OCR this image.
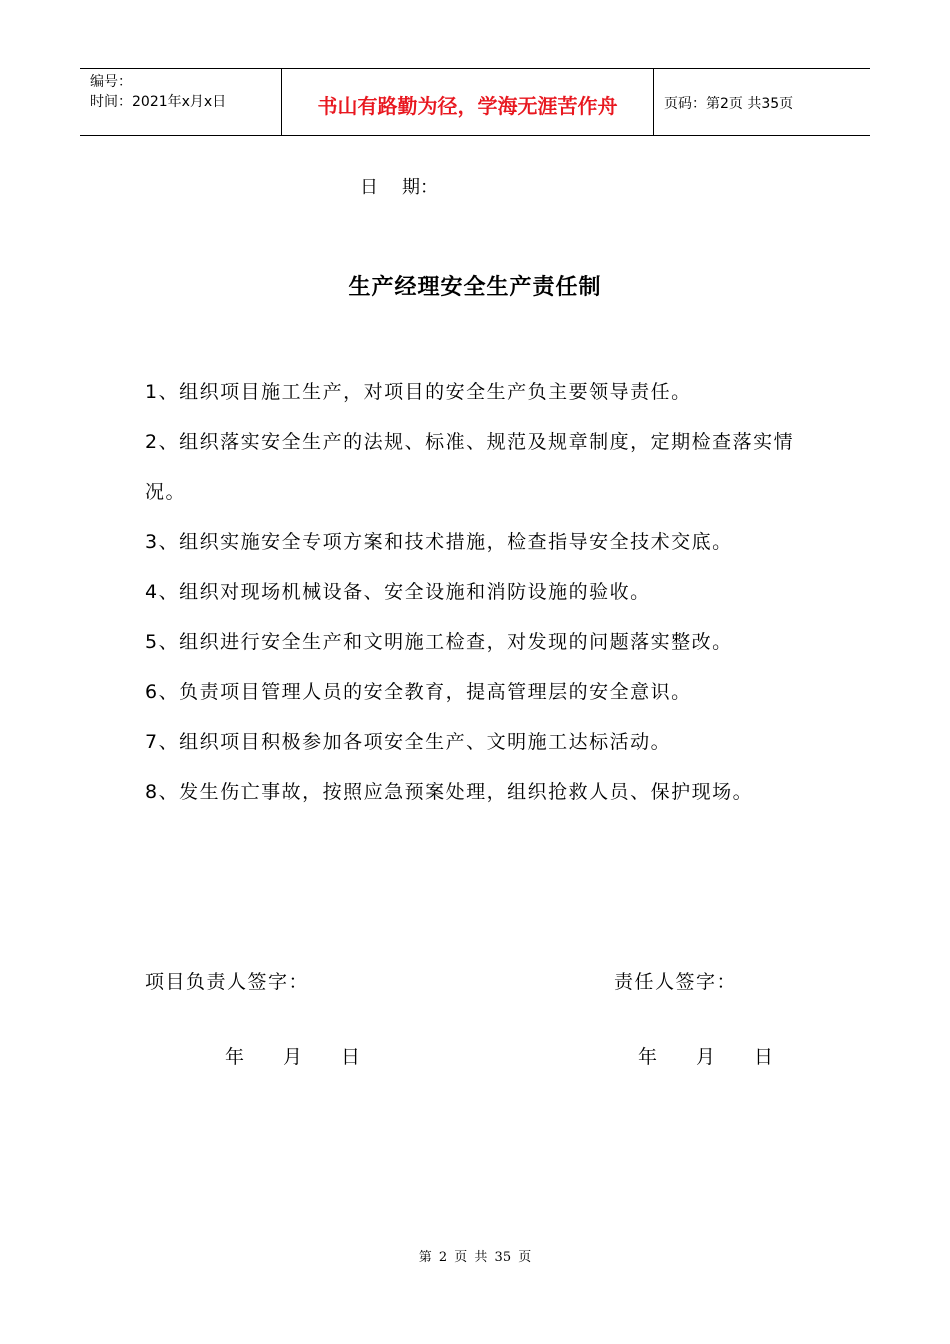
编号：
时间：2021年x月x日	书山有路勤为径，学海无涯苦作舟	页码：第2页 共35页
日 期：
生产经理安全生产责任制

1、组织项目施工生产，对项目的安全生产负主要领导责任。

2、组织落实安全生产的法规、标准、规范及规章制度，定期检查落实情况。

3、组织实施安全专项方案和技术措施，检查指导安全技术交底。

4、组织对现场机械设备、安全设施和消防设施的验收。

5、组织进行安全生产和文明施工检查，对发现的问题落实整改。

6、负责项目管理人员的安全教育，提高管理层的安全意识。

7、组织项目积极参加各项安全生产、文明施工达标活动。

8、发生伤亡事故，按照应急预案处理，组织抢救人员、保护现场。

项目负责人签字：	责任人签字：
年 月 日	年 月 日
第 2 页 共 35 页
